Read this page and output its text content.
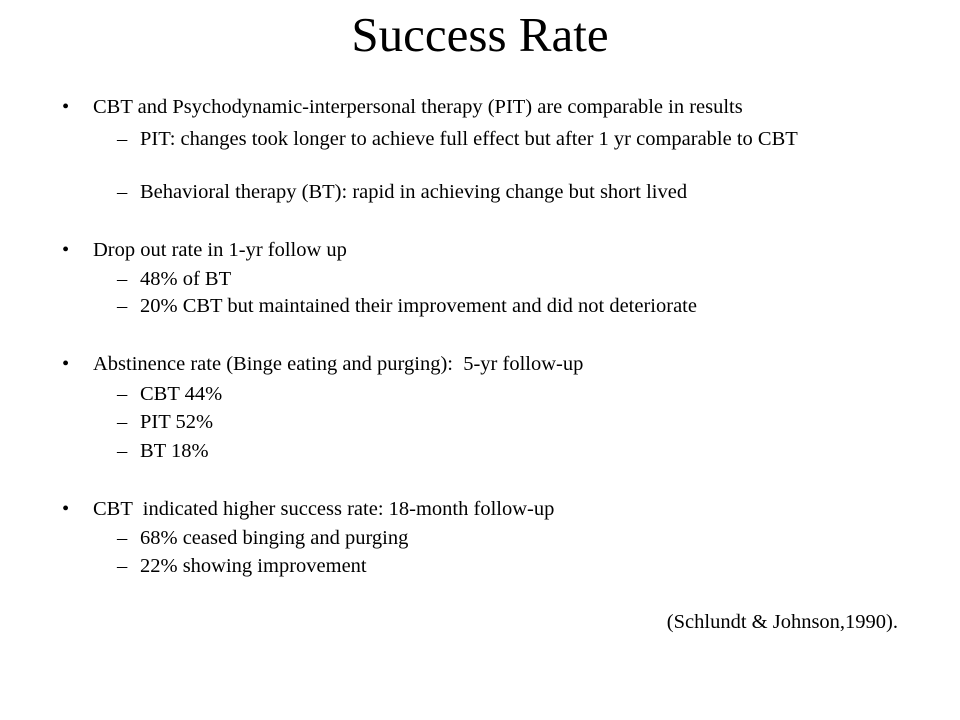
Success Rate

•

CBT and Psychodynamic-interpersonal therapy (PIT) are comparable in results

–

PIT: changes took longer to achieve full effect but after 1 yr comparable to CBT

–

Behavioral therapy (BT): rapid in achieving change but short lived

•

Drop out rate in 1-yr follow up

–

48% of BT

–

20% CBT but maintained their improvement and did not deteriorate

•

Abstinence rate (Binge eating and purging):  5-yr follow-up

–

CBT 44%

–

PIT 52%

–

BT 18%

•

CBT  indicated higher success rate: 18-month follow-up

–

68% ceased binging and purging

–

22% showing improvement

(Schlundt & Johnson,1990).
